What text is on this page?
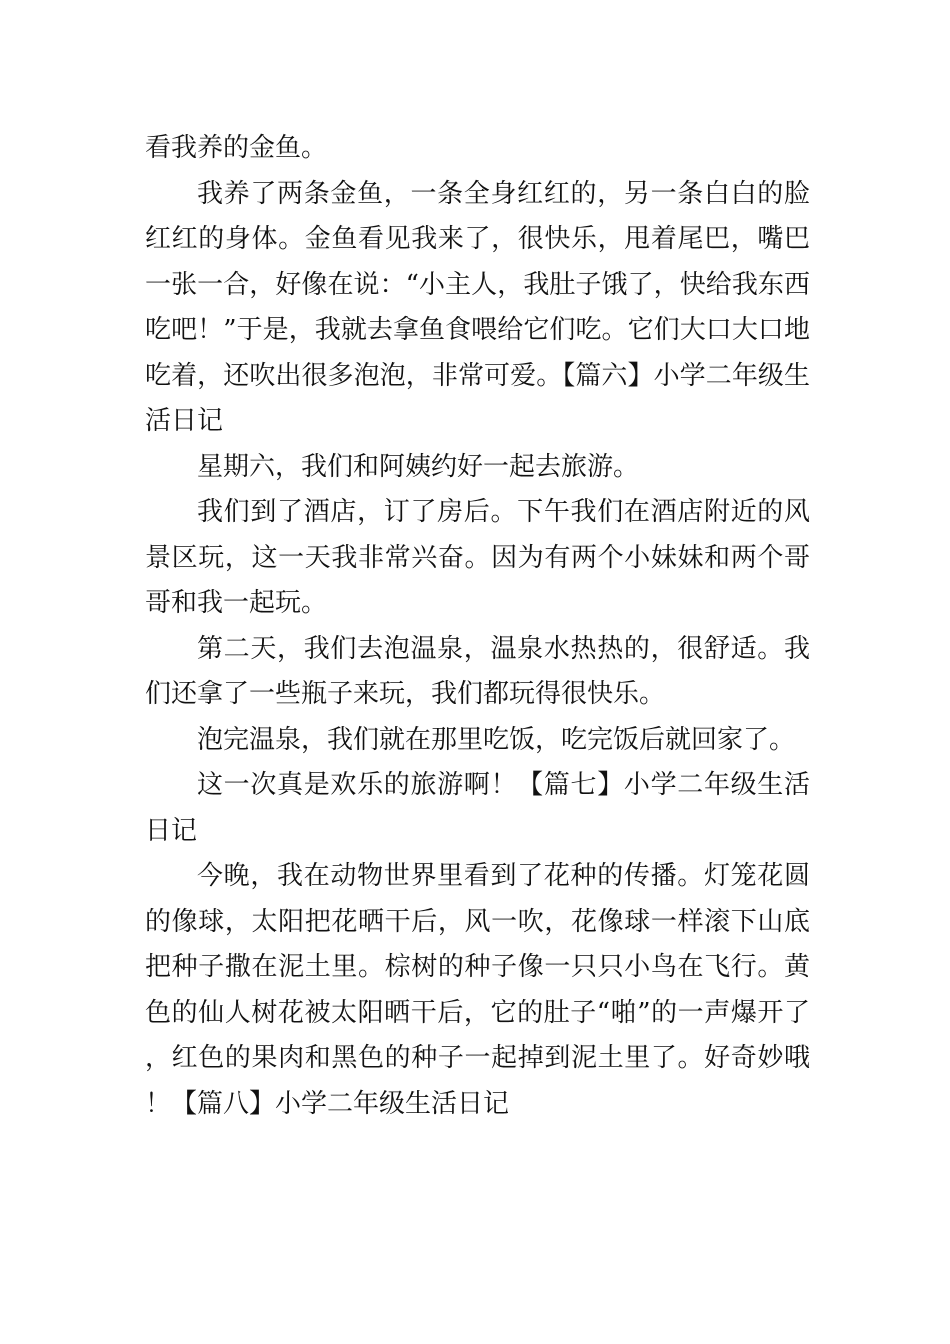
看我养的金鱼。

我养了两条金鱼，一条全身红红的，另一条白白的脸红红的身体。金鱼看见我来了，很快乐，甩着尾巴，嘴巴一张一合，好像在说：“小主人，我肚子饿了，快给我东西吃吧！”于是，我就去拿鱼食喂给它们吃。它们大口大口地吃着，还吹出很多泡泡，非常可爱。【篇六】小学二年级生活日记

星期六，我们和阿姨约好一起去旅游。

我们到了酒店，订了房后。下午我们在酒店附近的风景区玩，这一天我非常兴奋。因为有两个小妹妹和两个哥哥和我一起玩。

第二天，我们去泡温泉，温泉水热热的，很舒适。我们还拿了一些瓶子来玩，我们都玩得很快乐。

泡完温泉，我们就在那里吃饭，吃完饭后就回家了。

这一次真是欢乐的旅游啊！【篇七】小学二年级生活日记

今晚，我在动物世界里看到了花种的传播。灯笼花圆的像球，太阳把花晒干后，风一吹，花像球一样滚下山底把种子撒在泥土里。棕树的种子像一只只小鸟在飞行。黄色的仙人树花被太阳晒干后，它的肚子“啪”的一声爆开了，红色的果肉和黑色的种子一起掉到泥土里了。好奇妙哦！【篇八】小学二年级生活日记
